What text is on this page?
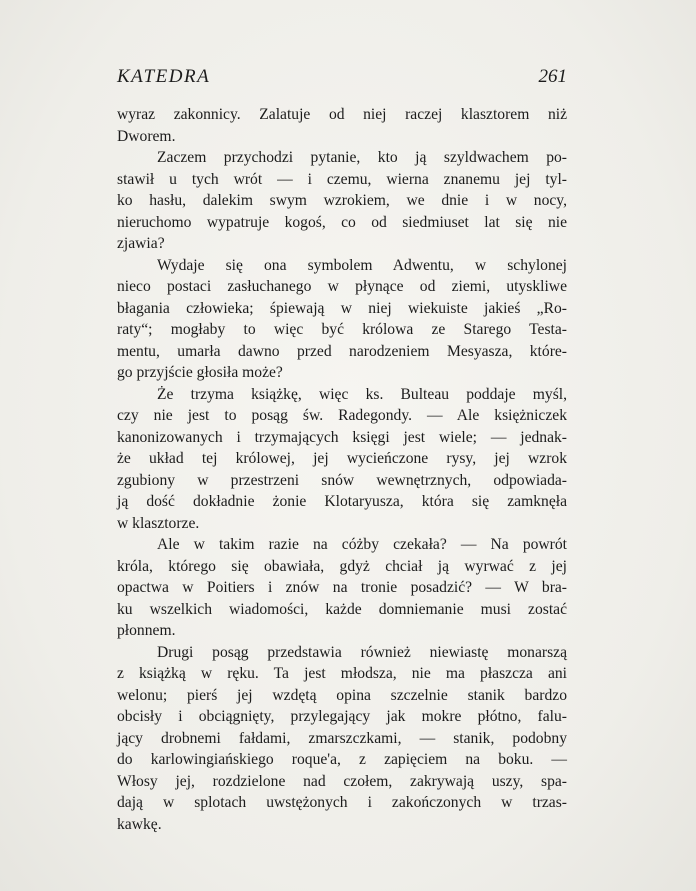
KATEDRA	261
wyraz zakonnicy. Zalatuje od niej raczej klasztorem niż
Dworem.
Zaczem przychodzi pytanie, kto ją szyldwachem po-
stawił u tych wrót — i czemu, wierna znanemu jej tyl-
ko hasłu, dalekim swym wzrokiem, we dnie i w nocy,
nieruchomo wypatruje kogoś, co od siedmiuset lat się nie
zjawia?
Wydaje się ona symbolem Adwentu, w schylonej
nieco postaci zasłuchanego w płynące od ziemi, utyskliwe
błagania człowieka; śpiewają w niej wiekuiste jakieś „Ro-
raty“; mogłaby to więc być królowa ze Starego Testa-
mentu, umarła dawno przed narodzeniem Mesyasza, które-
go przyjście głosiła może?
Że trzyma książkę, więc ks. Bulteau poddaje myśl,
czy nie jest to posąg św. Radegondy. — Ale księżniczek
kanonizowanych i trzymających księgi jest wiele; — jednak-
że układ tej królowej, jej wycieńczone rysy, jej wzrok
zgubiony w przestrzeni snów wewnętrznych, odpowiada-
ją dość dokładnie żonie Klotaryusza, która się zamknęła
w klasztorze.
Ale w takim razie na cóżby czekała? — Na powrót
króla, którego się obawiała, gdyż chciał ją wyrwać z jej
opactwa w Poitiers i znów na tronie posadzić? — W bra-
ku wszelkich wiadomości, każde domniemanie musi zostać
płonnem.
Drugi posąg przedstawia również niewiastę monarszą
z książką w ręku. Ta jest młodsza, nie ma płaszcza ani
welonu; pierś jej wzdętą opina szczelnie stanik bardzo
obcisły i obciągnięty, przylegający jak mokre płótno, falu-
jący drobnemi fałdami, zmarszczkami, — stanik, podobny
do karlowingiańskiego roque'a, z zapięciem na boku. —
Włosy jej, rozdzielone nad czołem, zakrywają uszy, spa-
dają w splotach uwstężonych i zakończonych w trzas-
kawkę.
